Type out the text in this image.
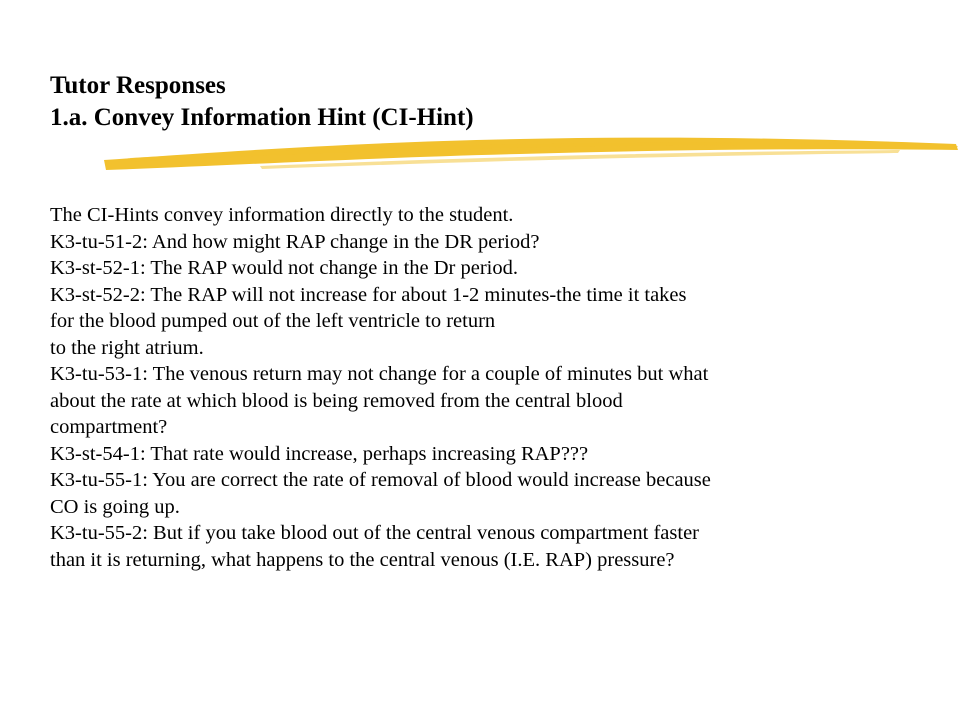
Tutor Responses
1.a. Convey Information Hint (CI-Hint)
The CI-Hints convey information directly to the student.
K3-tu-51-2: And how might RAP change in the DR period?
K3-st-52-1: The RAP would not change in the Dr period.
K3-st-52-2: The RAP will not increase for about 1-2 minutes-the time it takes
for the blood pumped out of the left ventricle to return
to the right atrium.
K3-tu-53-1: The venous return may not change for a couple of minutes but what
about the rate at which blood is being removed from the central blood
compartment?
K3-st-54-1: That rate would increase, perhaps increasing RAP???
K3-tu-55-1: You are correct the rate of removal of blood would increase because
CO is going up.
K3-tu-55-2: But if you take blood out of the central venous compartment faster
than it is returning, what happens to the central venous (I.E. RAP) pressure?
